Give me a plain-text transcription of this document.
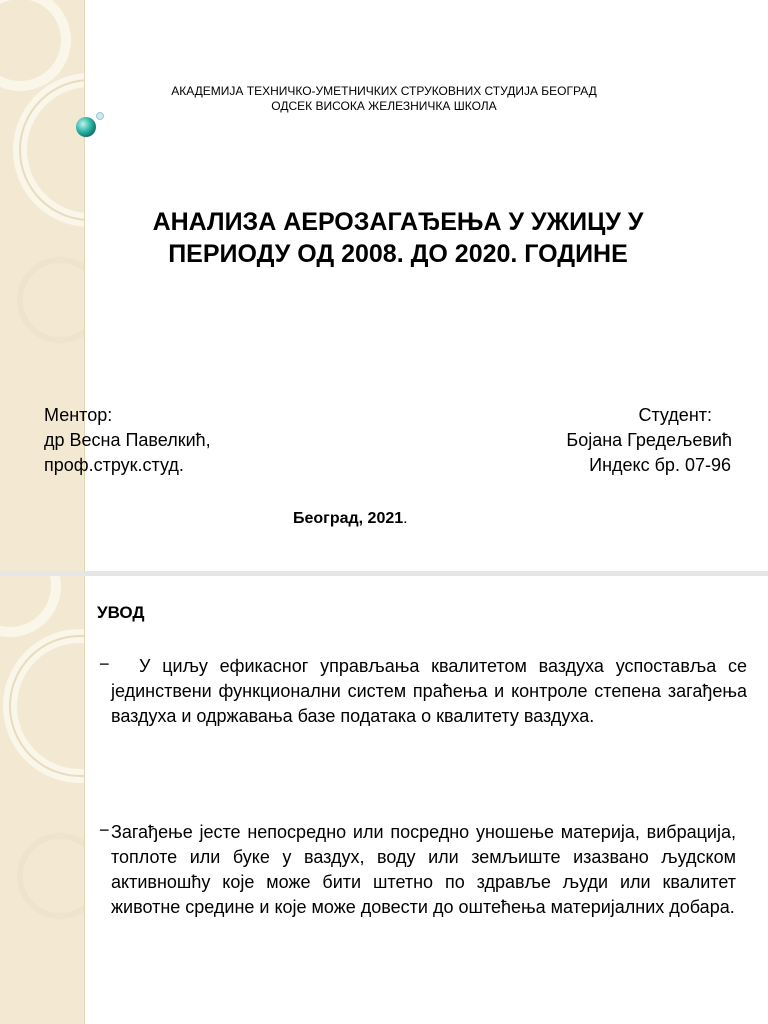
АКАДЕМИЈА ТЕХНИЧКО-УМЕТНИЧКИХ СТРУКОВНИХ СТУДИЈА БЕОГРАД
ОДСЕК ВИСОКА ЖЕЛЕЗНИЧКА ШКОЛА
АНАЛИЗА АЕРОЗАГАЂЕЊА У УЖИЦУ У
ПЕРИОДУ ОД 2008. ДО 2020. ГОДИНЕ
Ментор:
др Весна Павелкић,
проф.струк.студ.
Студент:
Бојана Гредељевић
Индекс бр. 07-96
Београд, 2021.
УВОД
−	У циљу ефикасног управљања квалитетом ваздуха успоставља се јединствени функционални систем праћења и контроле степена загађења ваздуха и одржавања базе података о квалитету ваздуха.
− Загађење јесте непосредно или посредно уношење материја, вибрација, топлоте или буке у ваздух, воду или земљиште изазвано људском активношћу које може бити штетно по здравље људи или квалитет животне средине и које може довести до оштећења материјалних добара.
